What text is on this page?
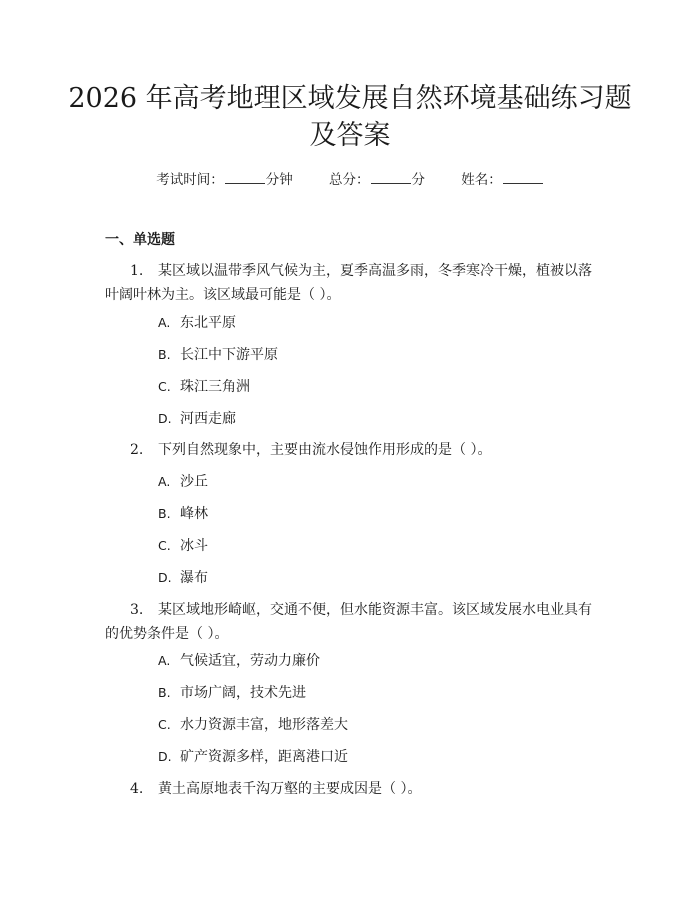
2026 年高考地理区域发展自然环境基础练习题及答案
考试时间：	分钟	总分：	分	姓名：
一、单选题
1. 某区域以温带季风气候为主，夏季高温多雨，冬季寒冷干燥，植被以落叶阔叶林为主。该区域最可能是（ ）。
A. 东北平原
B. 长江中下游平原
C. 珠江三角洲
D. 河西走廊
2. 下列自然现象中，主要由流水侵蚀作用形成的是（ ）。
A. 沙丘
B. 峰林
C. 冰斗
D. 瀑布
3. 某区域地形崎岖，交通不便，但水能资源丰富。该区域发展水电业具有的优势条件是（ ）。
A. 气候适宜，劳动力廉价
B. 市场广阔，技术先进
C. 水力资源丰富，地形落差大
D. 矿产资源多样，距离港口近
4. 黄土高原地表千沟万壑的主要成因是（ ）。
